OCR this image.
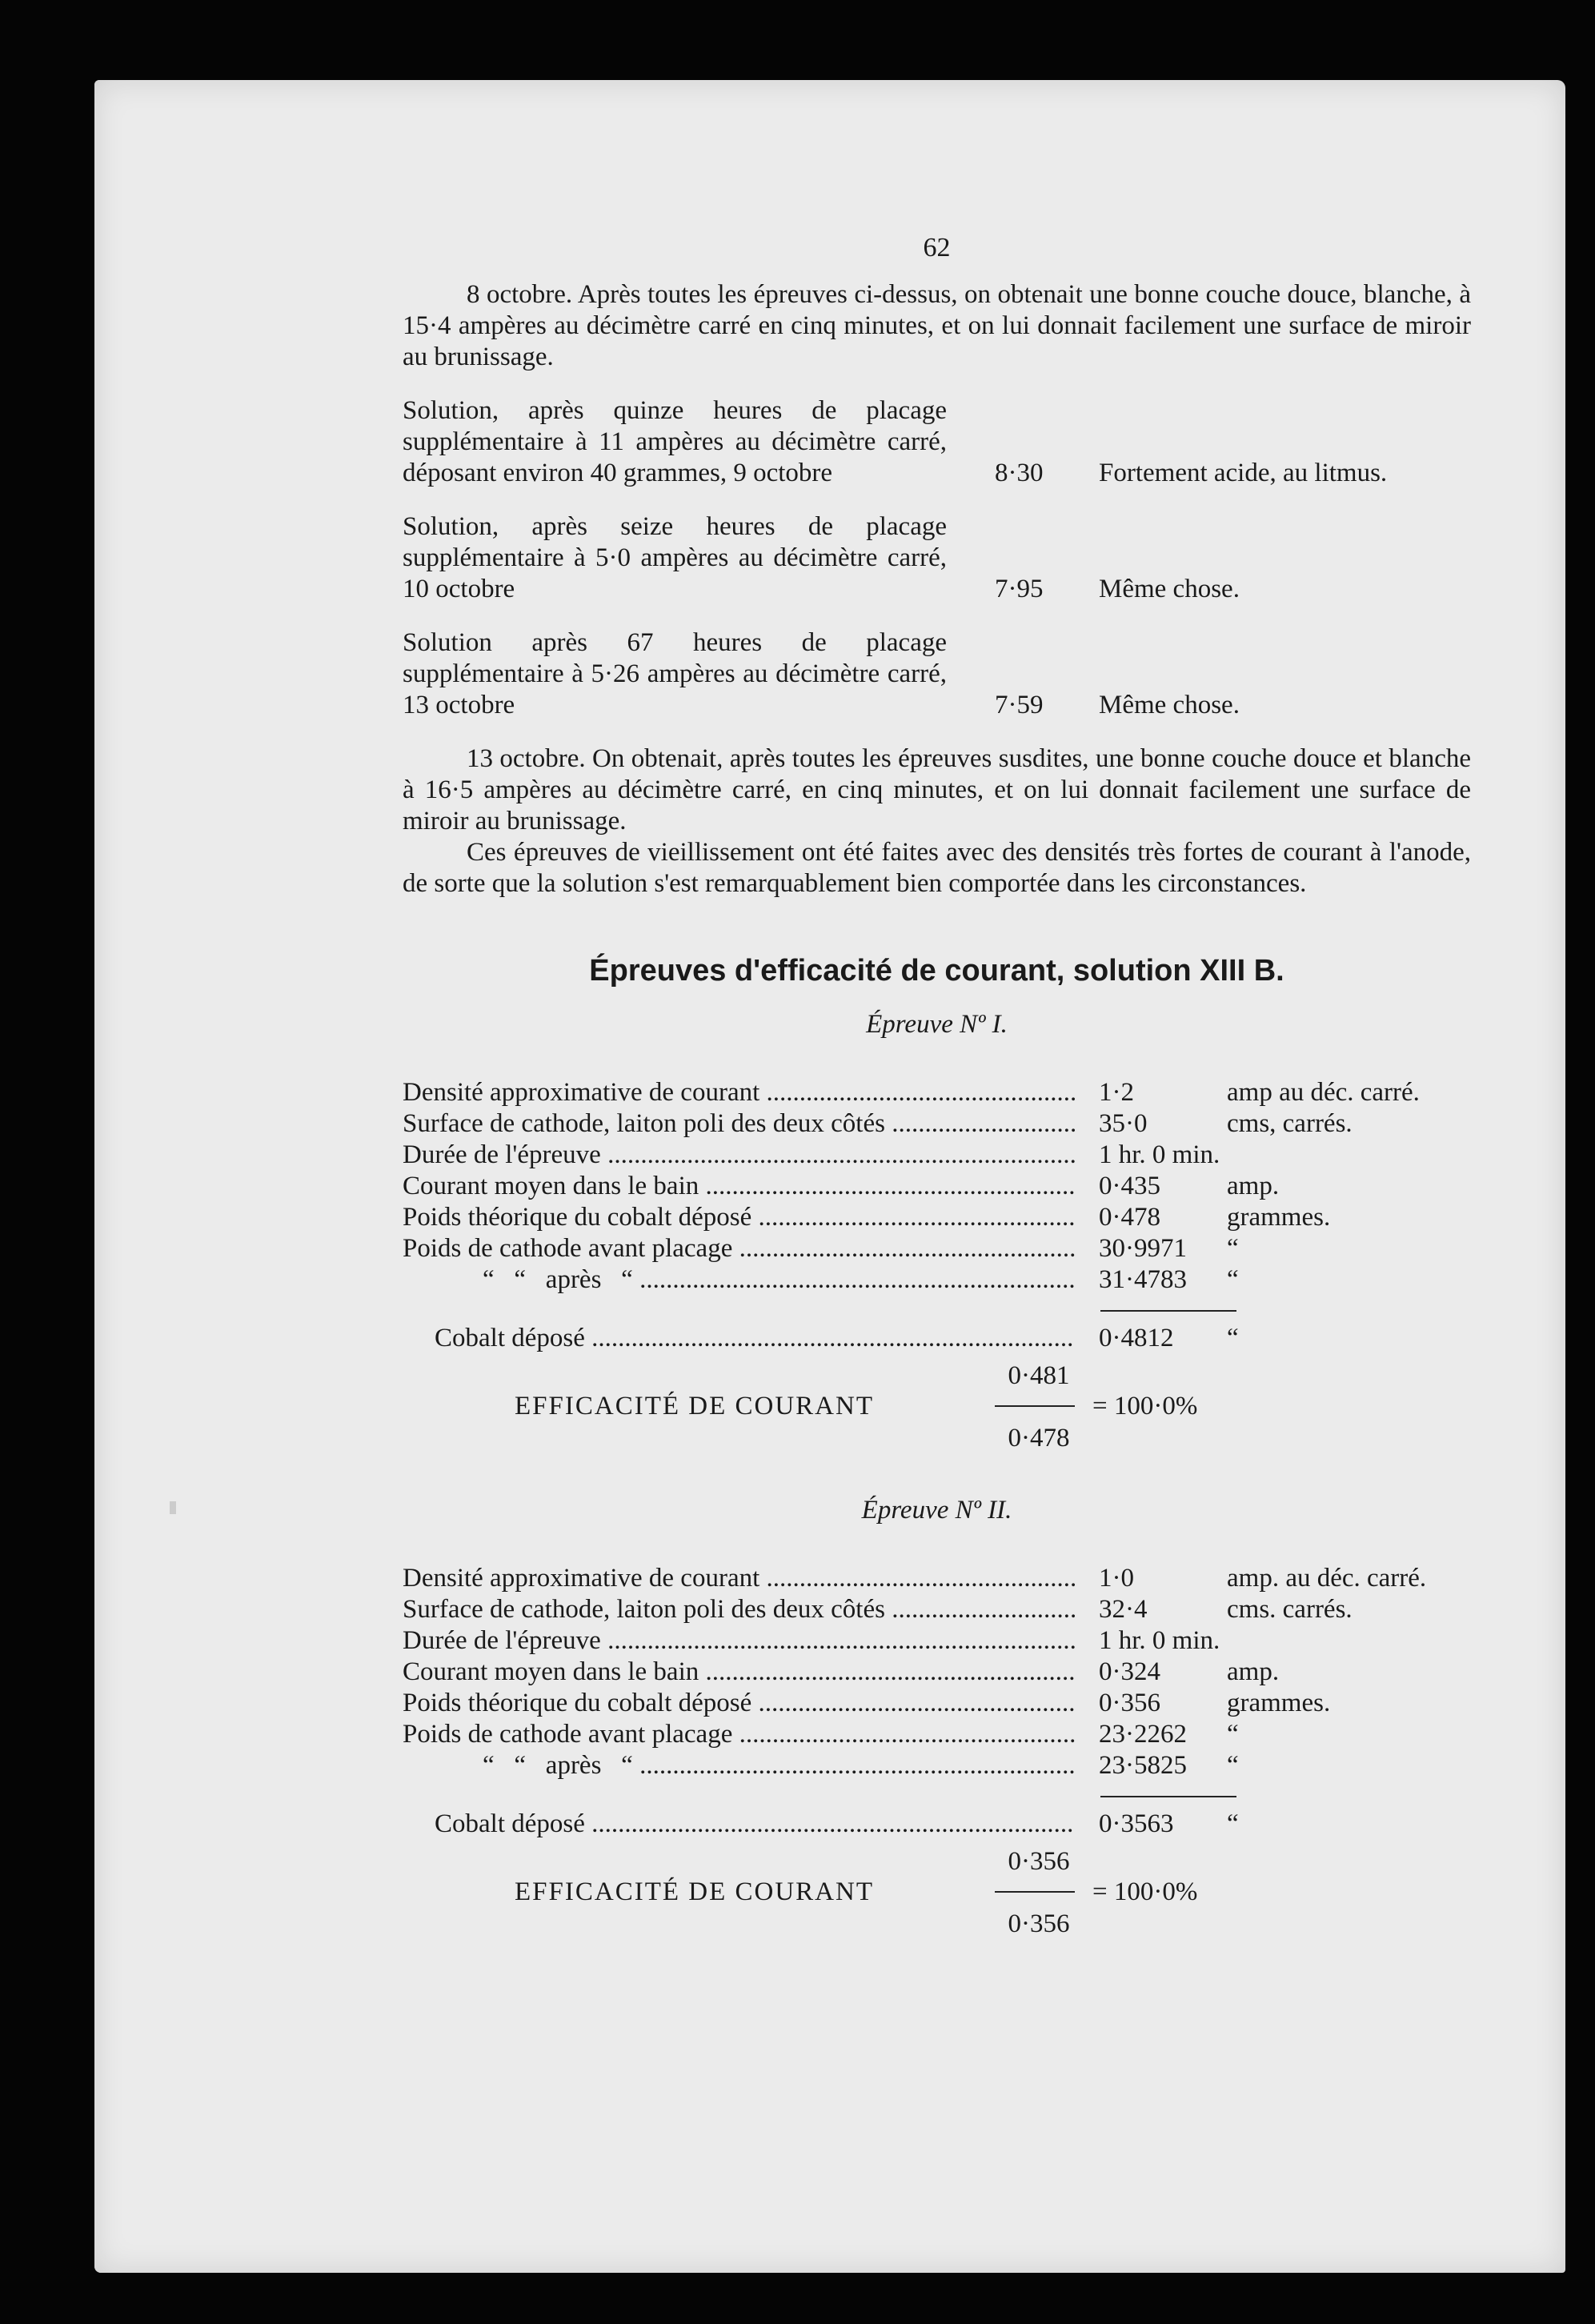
62

8 octobre. Après toutes les épreuves ci-dessus, on obtenait une bonne couche douce, blanche, à 15·4 ampères au décimètre carré en cinq minutes, et on lui donnait facilement une surface de miroir au brunissage.

Solution, après quinze heures de placage supplémentaire à 11 ampères au décimètre carré, déposant environ 40 grammes, 9 octobre	8·30	Fortement acide, au litmus.
Solution, après seize heures de placage supplémentaire à 5·0 ampères au décimètre carré, 10 octobre	7·95	Même chose.
Solution après 67 heures de placage supplémentaire à 5·26 ampères au décimètre carré, 13 octobre	7·59	Même chose.

13 octobre. On obtenait, après toutes les épreuves susdites, une bonne couche douce et blanche à 16·5 ampères au décimètre carré, en cinq minutes, et on lui donnait facilement une surface de miroir au brunissage.

Ces épreuves de vieillissement ont été faites avec des densités très fortes de courant à l'anode, de sorte que la solution s'est remarquablement bien comportée dans les circonstances.

Épreuves d'efficacité de courant, solution XIII B.
Épreuve Nº I.
Densité approximative de courant .....	1·2	amp au déc. carré.
Surface de cathode, laiton poli des deux côtés .....	35·0	cms, carrés.
Durée de l'épreuve .....	1 hr. 0 min.
Courant moyen dans le bain .....	0·435	amp.
Poids théorique du cobalt déposé .....	0·478	grammes.
Poids de cathode avant placage .....	30·9971	“
“   “   après   “ .....	31·4783	“
Cobalt déposé .....	0·4812	“
0·481
EFFICACITÉ DE COURANT	= 100·0%
0·478
Épreuve Nº II.
Densité approximative de courant .....	1·0	amp. au déc. carré.
Surface de cathode, laiton poli des deux côtés .....	32·4	cms. carrés.
Durée de l'épreuve .....	1 hr. 0 min.
Courant moyen dans le bain .....	0·324	amp.
Poids théorique du cobalt déposé .....	0·356	grammes.
Poids de cathode avant placage .....	23·2262	“
“   “   après   “ .....	23·5825	“
Cobalt déposé .....	0·3563	“
0·356
EFFICACITÉ DE COURANT	= 100·0%
0·356
